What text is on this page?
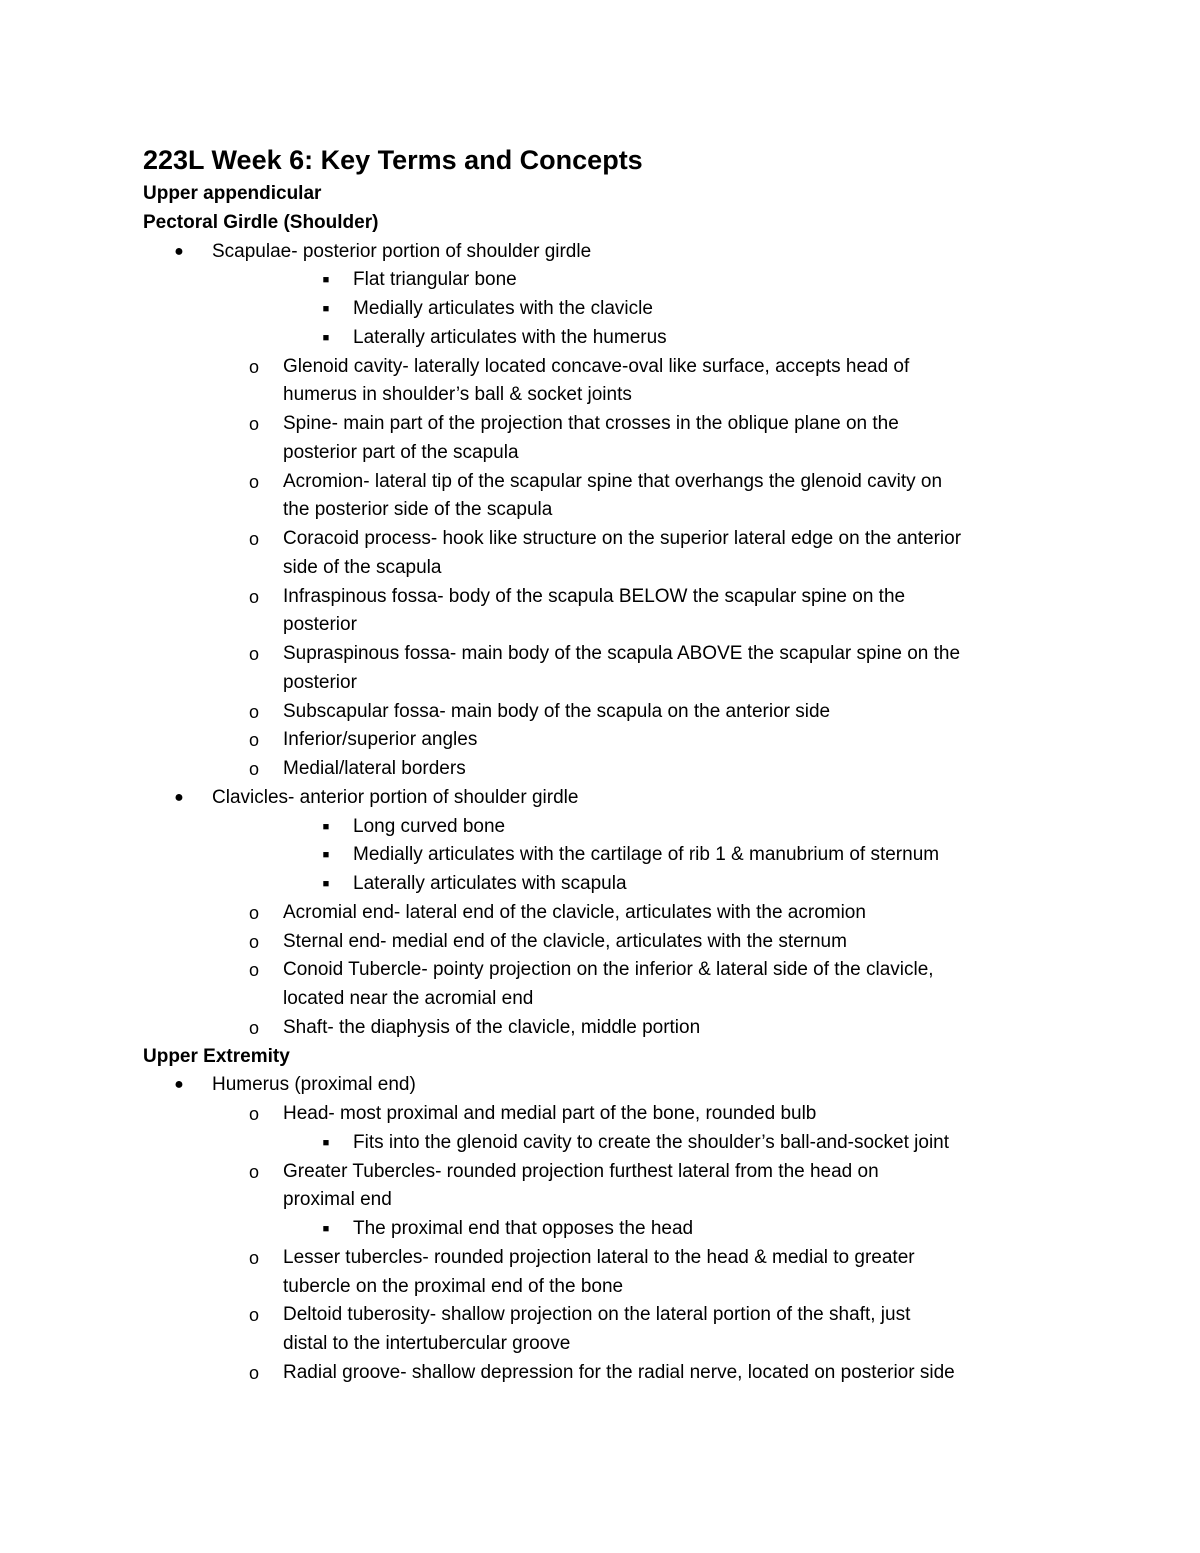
223L Week 6: Key Terms and Concepts
Upper appendicular
Pectoral Girdle (Shoulder)
● Scapulae- posterior portion of shoulder girdle
■	Flat triangular bone
■	Medially articulates with the clavicle
■	Laterally articulates with the humerus
o Glenoid cavity- laterally located concave-oval like surface, accepts head of
humerus in shoulder’s ball & socket joints
o Spine- main part of the projection that crosses in the oblique plane on the
posterior part of the scapula
o Acromion- lateral tip of the scapular spine that overhangs the glenoid cavity on
the posterior side of the scapula
o Coracoid process- hook like structure on the superior lateral edge on the anterior
side of the scapula
o Infraspinous fossa- body of the scapula BELOW the scapular spine on the
posterior
o Supraspinous fossa- main body of the scapula ABOVE the scapular spine on the
posterior
o Subscapular fossa- main body of the scapula on the anterior side
o Inferior/superior angles
o Medial/lateral borders
● Clavicles- anterior portion of shoulder girdle
■	Long curved bone
■	Medially articulates with the cartilage of rib 1 & manubrium of sternum
■	Laterally articulates with scapula
o Acromial end- lateral end of the clavicle, articulates with the acromion
o Sternal end- medial end of the clavicle, articulates with the sternum
o Conoid Tubercle- pointy projection on the inferior & lateral side of the clavicle,
located near the acromial end
o Shaft- the diaphysis of the clavicle, middle portion
Upper Extremity
● Humerus (proximal end)
o Head- most proximal and medial part of the bone, rounded bulb
■	Fits into the glenoid cavity to create the shoulder’s ball-and-socket joint
o Greater Tubercles- rounded projection furthest lateral from the head on
proximal end
■	The proximal end that opposes the head
o Lesser tubercles- rounded projection lateral to the head & medial to greater
tubercle on the proximal end of the bone
o Deltoid tuberosity- shallow projection on the lateral portion of the shaft, just
distal to the intertubercular groove
o Radial groove- shallow depression for the radial nerve, located on posterior side
